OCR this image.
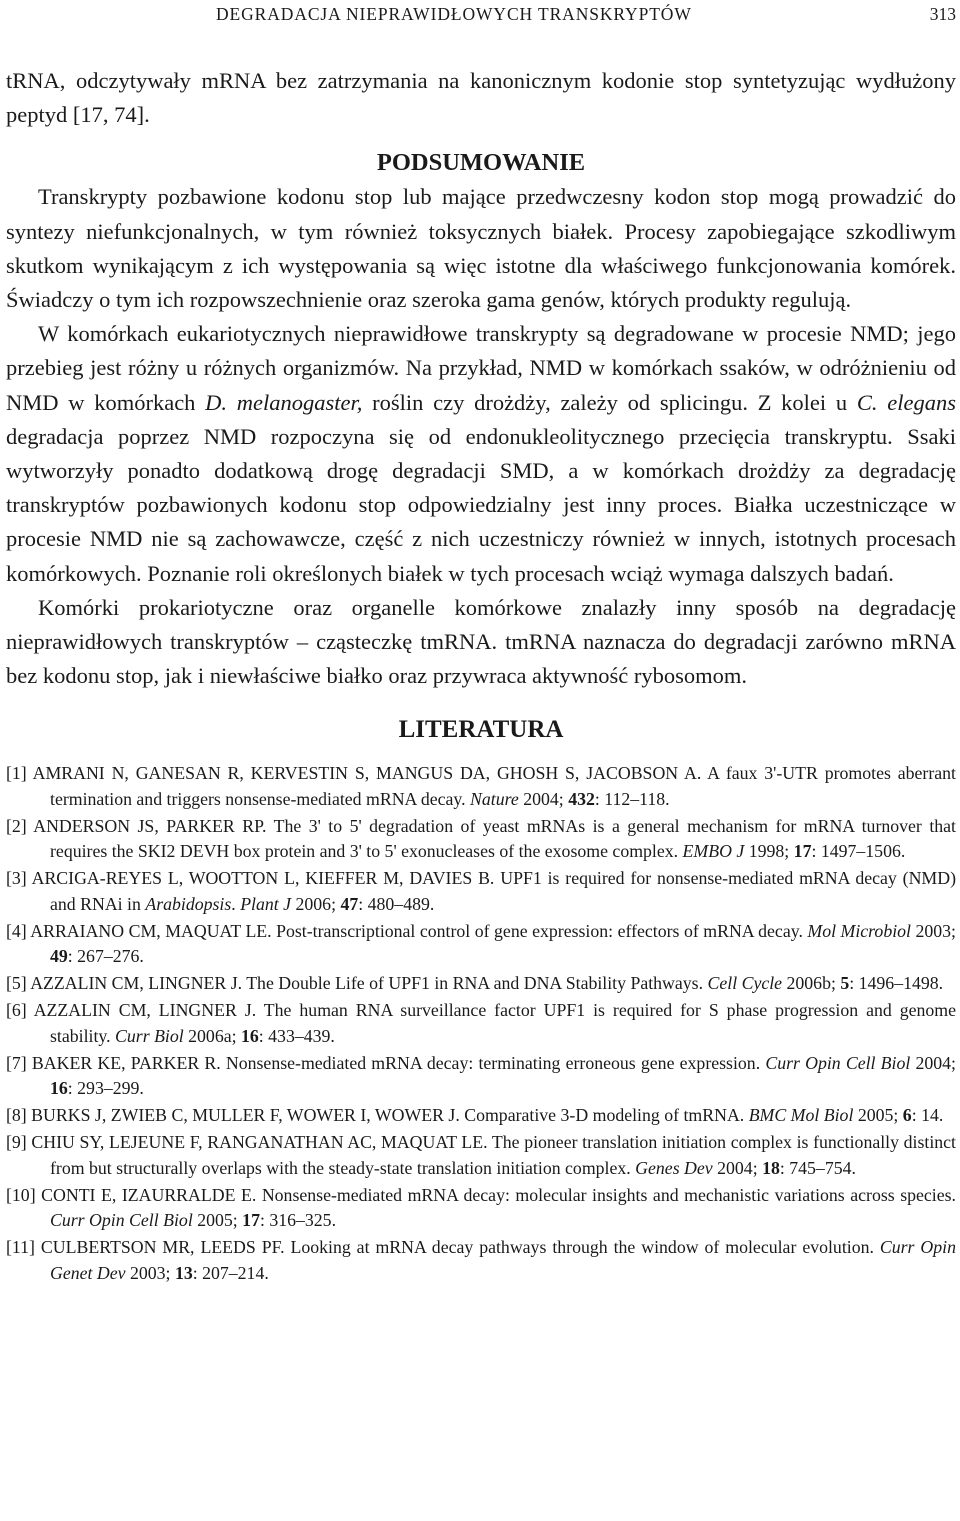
DEGRADACJA NIEPRAWIDŁOWYCH TRANSKRYPTÓW	313

tRNA, odczytywały mRNA bez zatrzymania na kanonicznym kodonie stop syntetyzując wydłużony peptyd [17, 74].

PODSUMOWANIE

Transkrypty pozbawione kodonu stop lub mające przedwczesny kodon stop mogą prowadzić do syntezy niefunkcjonalnych, w tym również toksycznych białek. Procesy zapobiegające szkodliwym skutkom wynikającym z ich występowania są więc istotne dla właściwego funkcjonowania komórek. Świadczy o tym ich rozpowszechnienie oraz szeroka gama genów, których produkty regulują.

W komórkach eukariotycznych nieprawidłowe transkrypty są degradowane w procesie NMD; jego przebieg jest różny u różnych organizmów. Na przykład, NMD w komórkach ssaków, w odróżnieniu od NMD w komórkach D. melanogaster, roślin czy drożdży, zależy od splicingu. Z kolei u C. elegans degradacja poprzez NMD rozpoczyna się od endonukleolitycznego przecięcia transkryptu. Ssaki wytworzyły ponadto dodatkową drogę degradacji SMD, a w komórkach drożdży za degradację transkryptów pozbawionych kodonu stop odpowiedzialny jest inny proces. Białka uczestniczące w procesie NMD nie są zachowawcze, część z nich uczestniczy również w innych, istotnych procesach komórkowych. Poznanie roli określonych białek w tych procesach wciąż wymaga dalszych badań.

Komórki prokariotyczne oraz organelle komórkowe znalazły inny sposób na degradację nieprawidłowych transkryptów – cząsteczkę tmRNA. tmRNA naznacza do degradacji zarówno mRNA bez kodonu stop, jak i niewłaściwe białko oraz przywraca aktywność rybosomom.

LITERATURA
[1] AMRANI N, GANESAN R, KERVESTIN S, MANGUS DA, GHOSH S, JACOBSON A. A faux 3'-UTR promotes aberrant termination and triggers nonsense-mediated mRNA decay. Nature 2004; 432: 112–118.
[2] ANDERSON JS, PARKER RP. The 3' to 5' degradation of yeast mRNAs is a general mechanism for mRNA turnover that requires the SKI2 DEVH box protein and 3' to 5' exonucleases of the exosome complex. EMBO J 1998; 17: 1497–1506.
[3] ARCIGA-REYES L, WOOTTON L, KIEFFER M, DAVIES B. UPF1 is required for nonsense-mediated mRNA decay (NMD) and RNAi in Arabidopsis. Plant J 2006; 47: 480–489.
[4] ARRAIANO CM, MAQUAT LE. Post-transcriptional control of gene expression: effectors of mRNA decay. Mol Microbiol 2003; 49: 267–276.
[5] AZZALIN CM, LINGNER J. The Double Life of UPF1 in RNA and DNA Stability Pathways. Cell Cycle 2006b; 5: 1496–1498.
[6] AZZALIN CM, LINGNER J. The human RNA surveillance factor UPF1 is required for S phase progression and genome stability. Curr Biol 2006a; 16: 433–439.
[7] BAKER KE, PARKER R. Nonsense-mediated mRNA decay: terminating erroneous gene expression. Curr Opin Cell Biol 2004; 16: 293–299.
[8] BURKS J, ZWIEB C, MULLER F, WOWER I, WOWER J. Comparative 3-D modeling of tmRNA. BMC Mol Biol 2005; 6: 14.
[9] CHIU SY, LEJEUNE F, RANGANATHAN AC, MAQUAT LE. The pioneer translation initiation complex is functionally distinct from but structurally overlaps with the steady-state translation initiation complex. Genes Dev 2004; 18: 745–754.
[10] CONTI E, IZAURRALDE E. Nonsense-mediated mRNA decay: molecular insights and mechanistic variations across species. Curr Opin Cell Biol 2005; 17: 316–325.
[11] CULBERTSON MR, LEEDS PF. Looking at mRNA decay pathways through the window of molecular evolution. Curr Opin Genet Dev 2003; 13: 207–214.
